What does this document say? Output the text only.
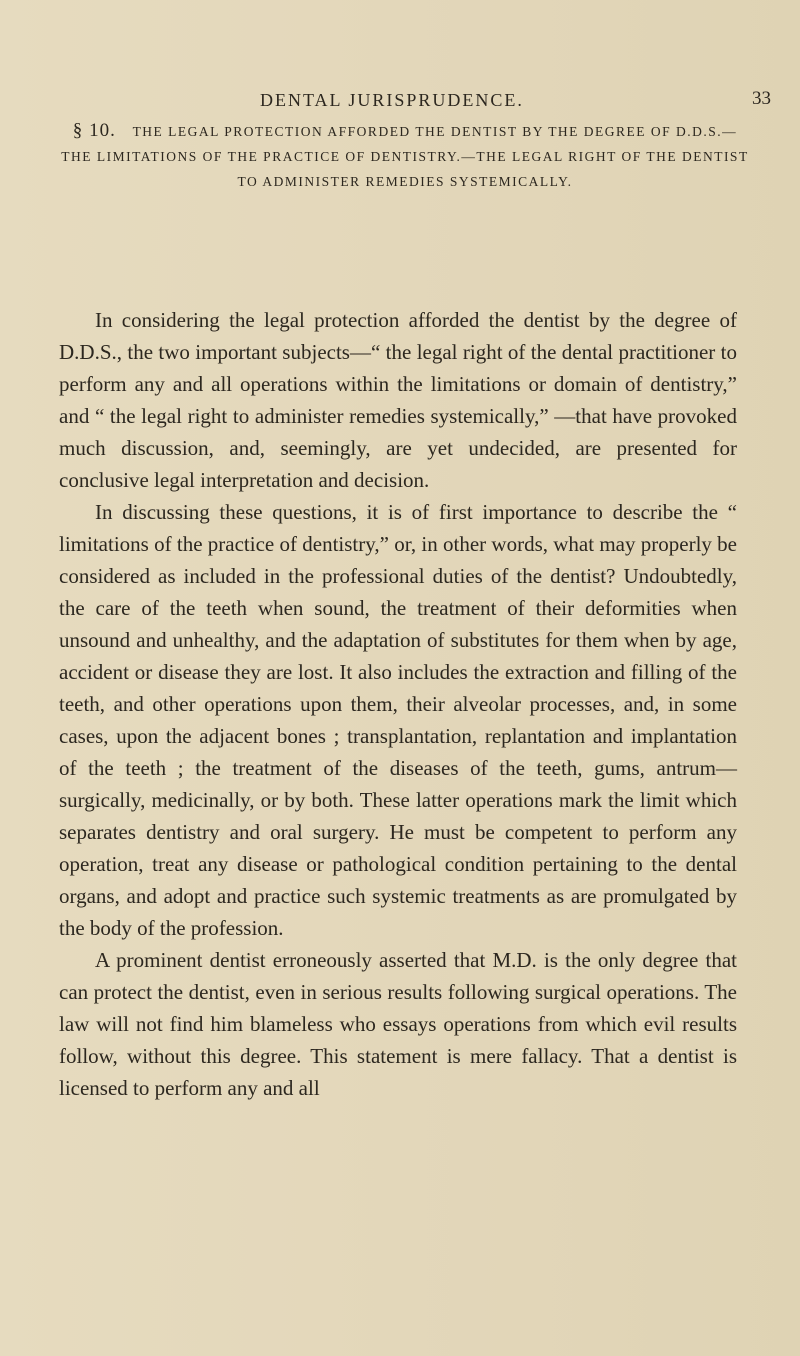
DENTAL JURISPRUDENCE.	33
§ 10. THE LEGAL PROTECTION AFFORDED THE DENTIST BY THE DEGREE OF D.D.S.—THE LIMITATIONS OF THE PRACTICE OF DENTISTRY.—THE LEGAL RIGHT OF THE DENTIST TO ADMINISTER REMEDIES SYSTEMICALLY.

In considering the legal protection afforded the dentist by the degree of D.D.S., the two important subjects—“ the legal right of the dental practitioner to perform any and all operations within the limitations or domain of dentistry,” and “ the legal right to administer remedies systemically,” —that have provoked much discussion, and, seemingly, are yet undecided, are presented for conclusive legal interpretation and decision.

In discussing these questions, it is of first importance to describe the “ limitations of the practice of dentistry,” or, in other words, what may properly be considered as included in the professional duties of the dentist? Undoubtedly, the care of the teeth when sound, the treatment of their deformities when unsound and unhealthy, and the adaptation of substitutes for them when by age, accident or disease they are lost. It also includes the extraction and filling of the teeth, and other operations upon them, their alveolar processes, and, in some cases, upon the adjacent bones ; transplantation, replantation and implantation of the teeth ; the treatment of the diseases of the teeth, gums, antrum—surgically, medicinally, or by both. These latter operations mark the limit which separates dentistry and oral surgery. He must be competent to perform any operation, treat any disease or pathological condition pertaining to the dental organs, and adopt and practice such systemic treatments as are promulgated by the body of the profession.

A prominent dentist erroneously asserted that M.D. is the only degree that can protect the dentist, even in serious results following surgical operations. The law will not find him blameless who essays operations from which evil results follow, without this degree. This statement is mere fallacy. That a dentist is licensed to perform any and all
